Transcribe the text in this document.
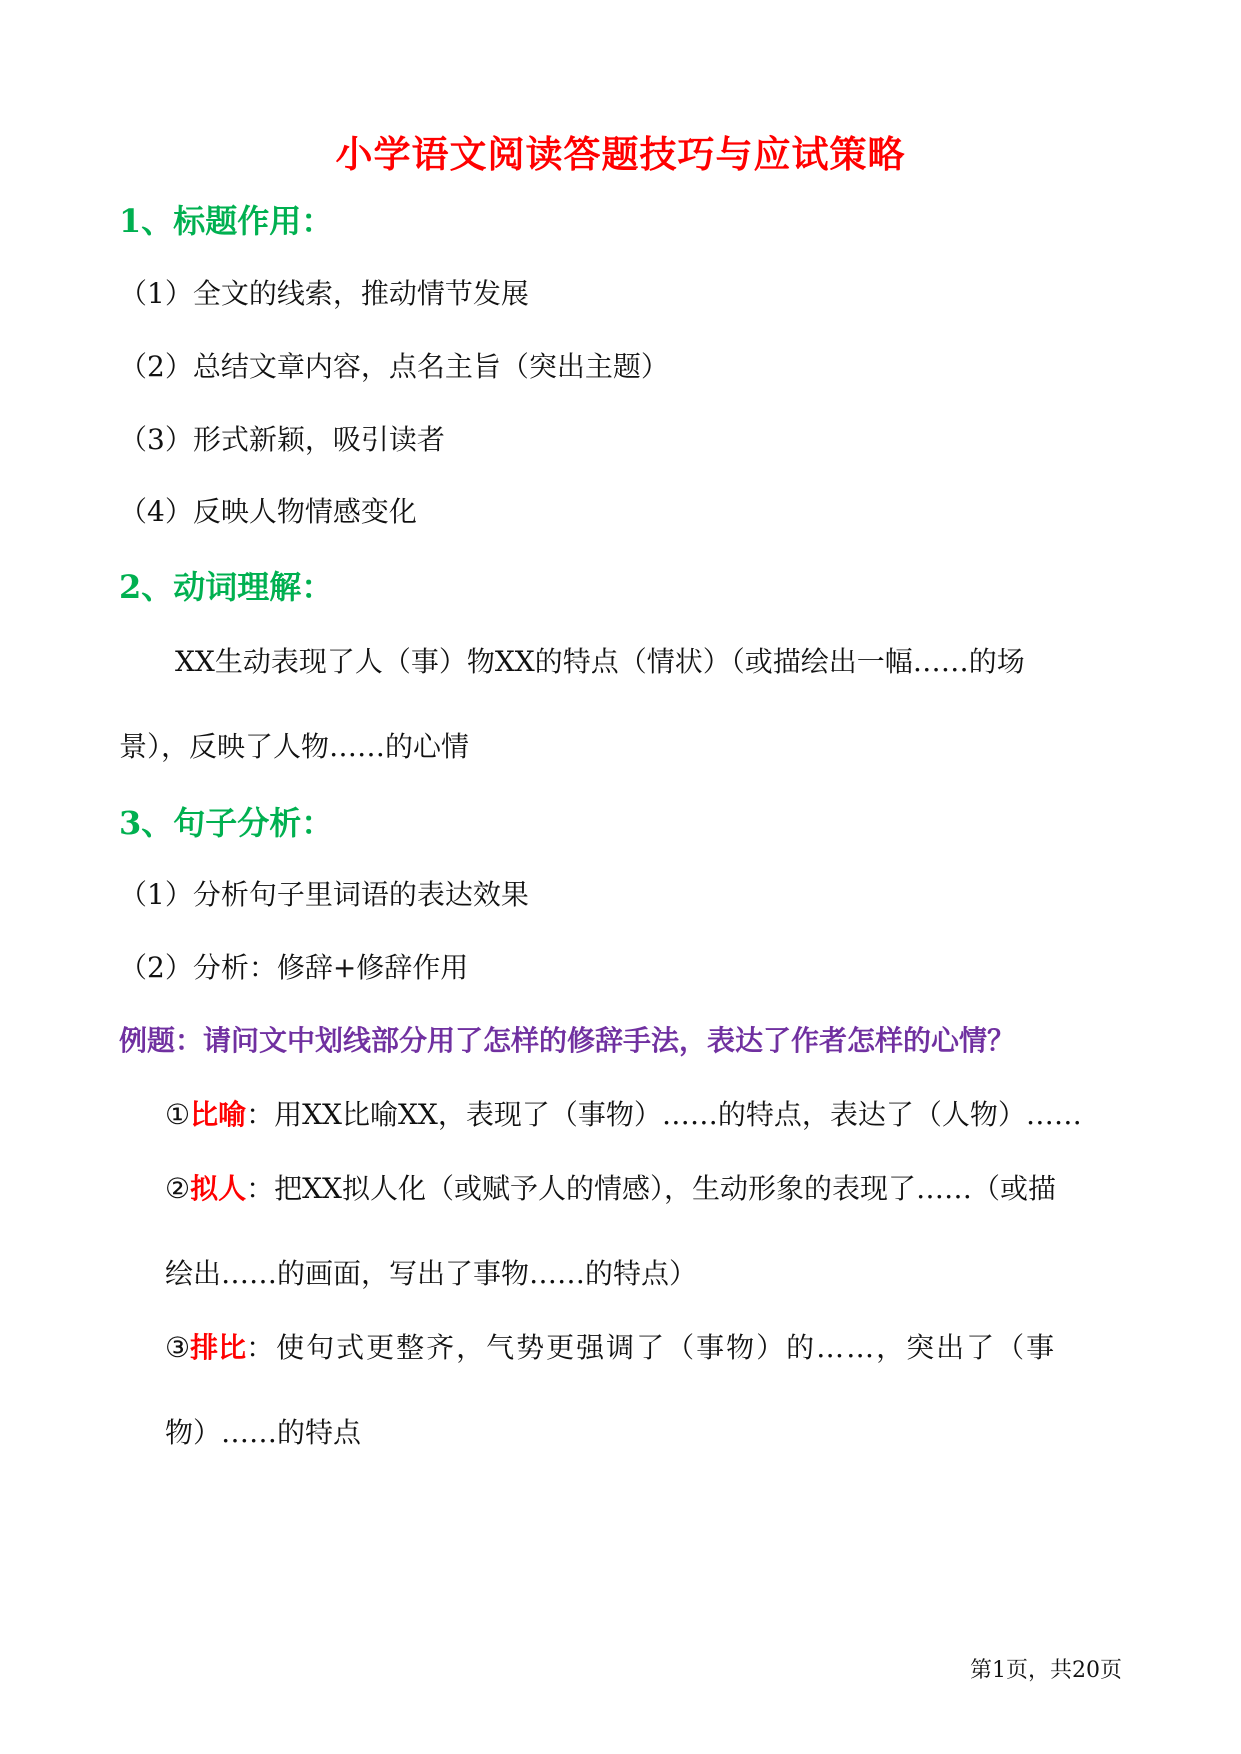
小学语文阅读答题技巧与应试策略
1、标题作用：
（1）全文的线索，推动情节发展
（2）总结文章内容，点名主旨（突出主题）
（3）形式新颖，吸引读者
（4）反映人物情感变化
2、动词理解：
XX生动表现了人（事）物XX的特点（情状）（或描绘出一幅……的场
景），反映了人物……的心情
3、句子分析：
（1）分析句子里词语的表达效果
（2）分析：修辞+修辞作用
例题：请问文中划线部分用了怎样的修辞手法，表达了作者怎样的心情？
①比喻：用XX比喻XX，表现了（事物）……的特点，表达了（人物）……
②拟人：把XX拟人化（或赋予人的情感），生动形象的表现了……（或描
绘出……的画面，写出了事物……的特点）
③排比：使句式更整齐，气势更强调了（事物）的……，突出了（事
物）……的特点
第1页，共20页
